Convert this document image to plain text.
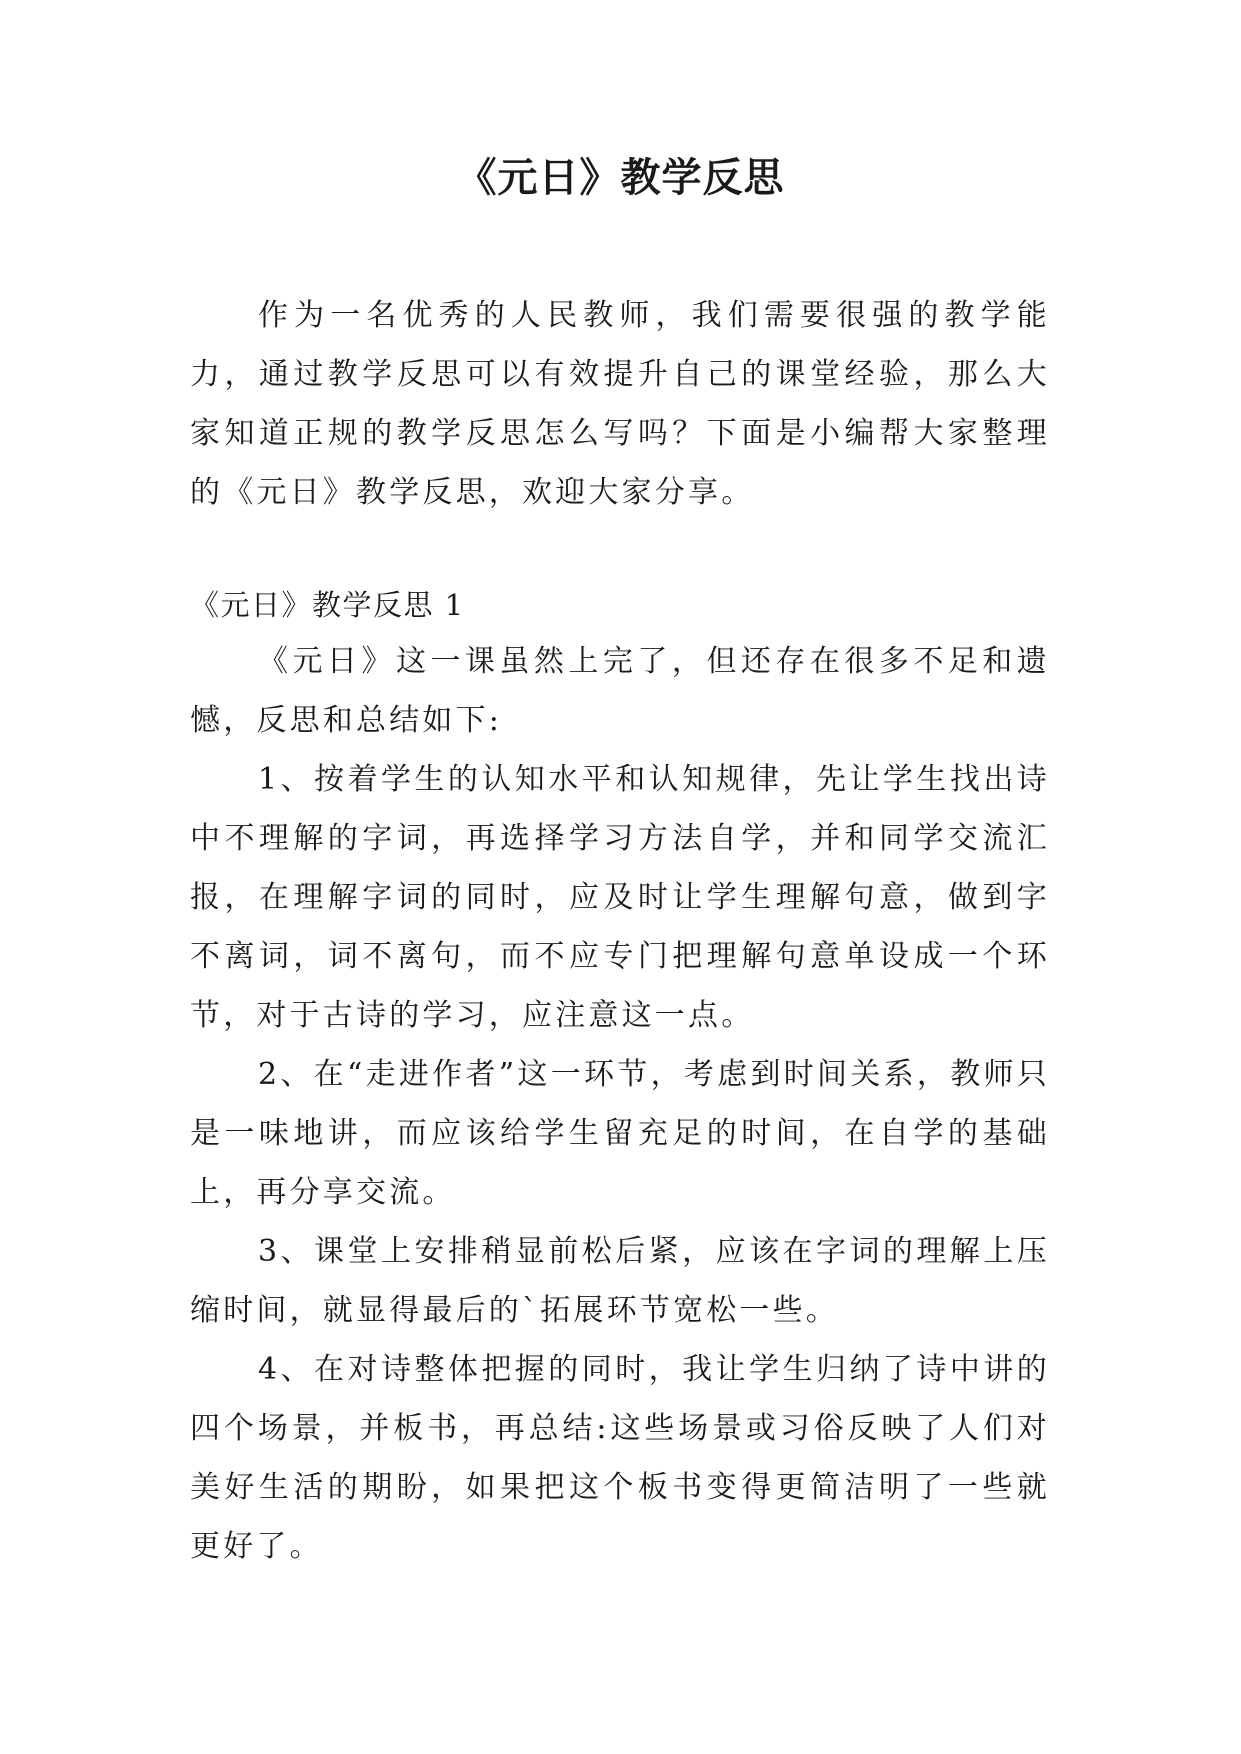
《元日》教学反思

作为一名优秀的人民教师，我们需要很强的教学能力，通过教学反思可以有效提升自己的课堂经验，那么大家知道正规的教学反思怎么写吗？下面是小编帮大家整理的《元日》教学反思，欢迎大家分享。

《元日》教学反思 1

《元日》这一课虽然上完了，但还存在很多不足和遗憾，反思和总结如下:

1、按着学生的认知水平和认知规律，先让学生找出诗中不理解的字词，再选择学习方法自学，并和同学交流汇报，在理解字词的同时，应及时让学生理解句意，做到字不离词，词不离句，而不应专门把理解句意单设成一个环节，对于古诗的学习，应注意这一点。

2、在“走进作者”这一环节，考虑到时间关系，教师只是一味地讲，而应该给学生留充足的时间，在自学的基础上，再分享交流。

3、课堂上安排稍显前松后紧，应该在字词的理解上压缩时间，就显得最后的`拓展环节宽松一些。

4、在对诗整体把握的同时，我让学生归纳了诗中讲的四个场景，并板书，再总结:这些场景或习俗反映了人们对美好生活的期盼，如果把这个板书变得更简洁明了一些就更好了。
